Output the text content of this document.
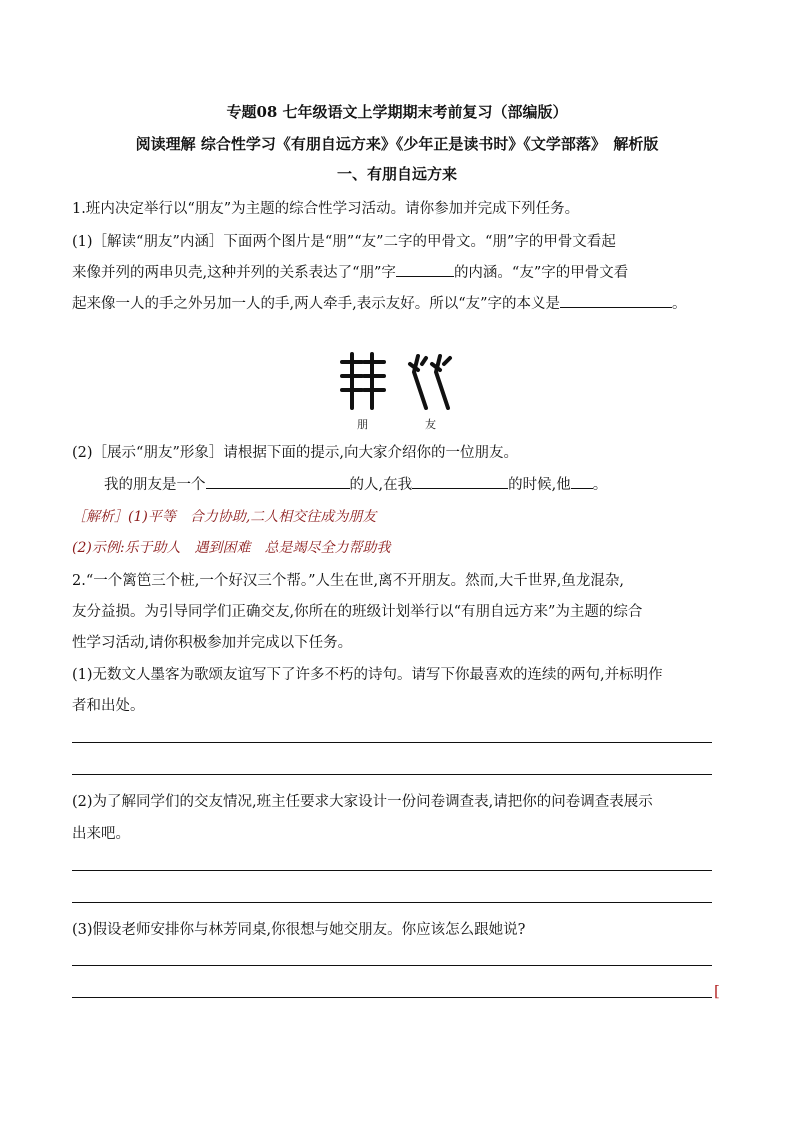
专题08 七年级语文上学期期末考前复习（部编版）
阅读理解 综合性学习《有朋自远方来》《少年正是读书时》《文学部落》　解析版
一、有朋自远方来
1.班内决定举行以“朋友”为主题的综合性学习活动。请你参加并完成下列任务。
(1)［解读“朋友”内涵］下面两个图片是“朋”“友”二字的甲骨文。“朋”字的甲骨文看起
来像并列的两串贝壳,这种并列的关系表达了“朋”字	的内涵。“友”字的甲骨文看
起来像一人的手之外另加一人的手,两人牵手,表示友好。所以“友”字的本义是	。
朋	友
(2)［展示“朋友”形象］请根据下面的提示,向大家介绍你的一位朋友。
我的朋友是一个	的人,在我	的时候,他 。
［解析］(1)平等　合力协助,二人相交往成为朋友
(2)示例:乐于助人　遇到困难　总是竭尽全力帮助我
2.“一个篱笆三个桩,一个好汉三个帮。”人生在世,离不开朋友。然而,大千世界,鱼龙混杂,
友分益损。为引导同学们正确交友,你所在的班级计划举行以“有朋自远方来”为主题的综合
性学习活动,请你积极参加并完成以下任务。
(1)无数文人墨客为歌颂友谊写下了许多不朽的诗句。请写下你最喜欢的连续的两句,并标明作
者和出处。
(2)为了解同学们的交友情况,班主任要求大家设计一份问卷调查表,请把你的问卷调查表展示
出来吧。
(3)假设老师安排你与林芳同桌,你很想与她交朋友。你应该怎么跟她说?
[
